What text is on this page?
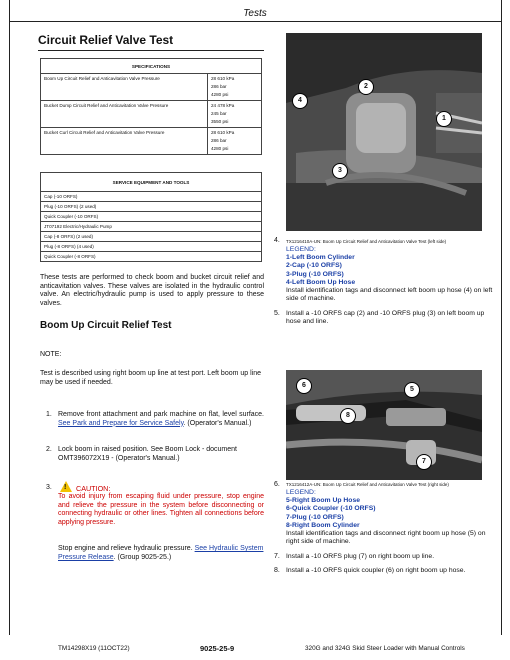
Tests
Circuit Relief Valve Test
SPECIFICATIONS	
Boom Up Circuit Relief and Anticavitation Valve Pressure	28 610 kPa
286 bar
4280 psi

Bucket Dump Circuit Relief and Anticavitation Valve Pressure	24 478 kPa
245 bar
3550 psi

Bucket Curl Circuit Relief and Anticavitation Valve Pressure	28 610 kPa
286 bar
4280 psi
SERVICE EQUIPMENT AND TOOLS
Cap (-10 ORFS)
Plug (-10 ORFS) (2 used)
Quick Coupler (-10 ORFS)
JT07192 Electric/Hydraulic Pump
Cap (-8 ORFS) (2 used)
Plug (-8 ORFS) (4 used)
Quick Coupler (-8 ORFS)
These tests are performed to check boom and bucket circuit relief and anticavitation valves. These valves are isolated in the hydraulic control valve. An electric/hydraulic pump is used to apply pressure to these valves.
Boom Up Circuit Relief Test
NOTE:
Test is described using right boom up line at test port. Left boom up line may be used if needed.
1. Remove front attachment and park machine on flat, level surface. See Park and Prepare for Service Safely. (Operator's Manual.)
2. Lock boom in raised position. See Boom Lock - document OMT396072X19 - (Operator's Manual.)
3. ! CAUTION:
To avoid injury from escaping fluid under pressure, stop engine and relieve the pressure in the system before disconnecting or connecting hydraulic or other lines. Tighten all connections before applying pressure.
Stop engine and relieve hydraulic pressure. See Hydraulic System Pressure Release. (Group 9025-25.)
2
4
1
3
4. TX1216410A-UN: Boom Up Circuit Relief and Anticavitation Valve Test (left side)
LEGEND:
1-Left Boom Cylinder
2-Cap (-10 ORFS)
3-Plug (-10 ORFS)
4-Left Boom Up Hose
Install identification tags and disconnect left boom up hose (4) on left side of machine.
5. Install a -10 ORFS cap (2) and -10 ORFS plug (3) on left boom up hose and line.
6
5
8
7
6. TX1216412A-UN: Boom Up Circuit Relief and Anticavitation Valve Test (right side)
LEGEND:
5-Right Boom Up Hose
6-Quick Coupler (-10 ORFS)
7-Plug (-10 ORFS)
8-Right Boom Cylinder
Install identification tags and disconnect right boom up hose (5) on right side of machine.
7. Install a -10 ORFS plug (7) on right boom up line.
8. Install a -10 ORFS quick coupler (6) on right boom up hose.
TM14298X19 (11OCT22)	9025-25-9	320G and 324G Skid Steer Loader with Manual Controls
